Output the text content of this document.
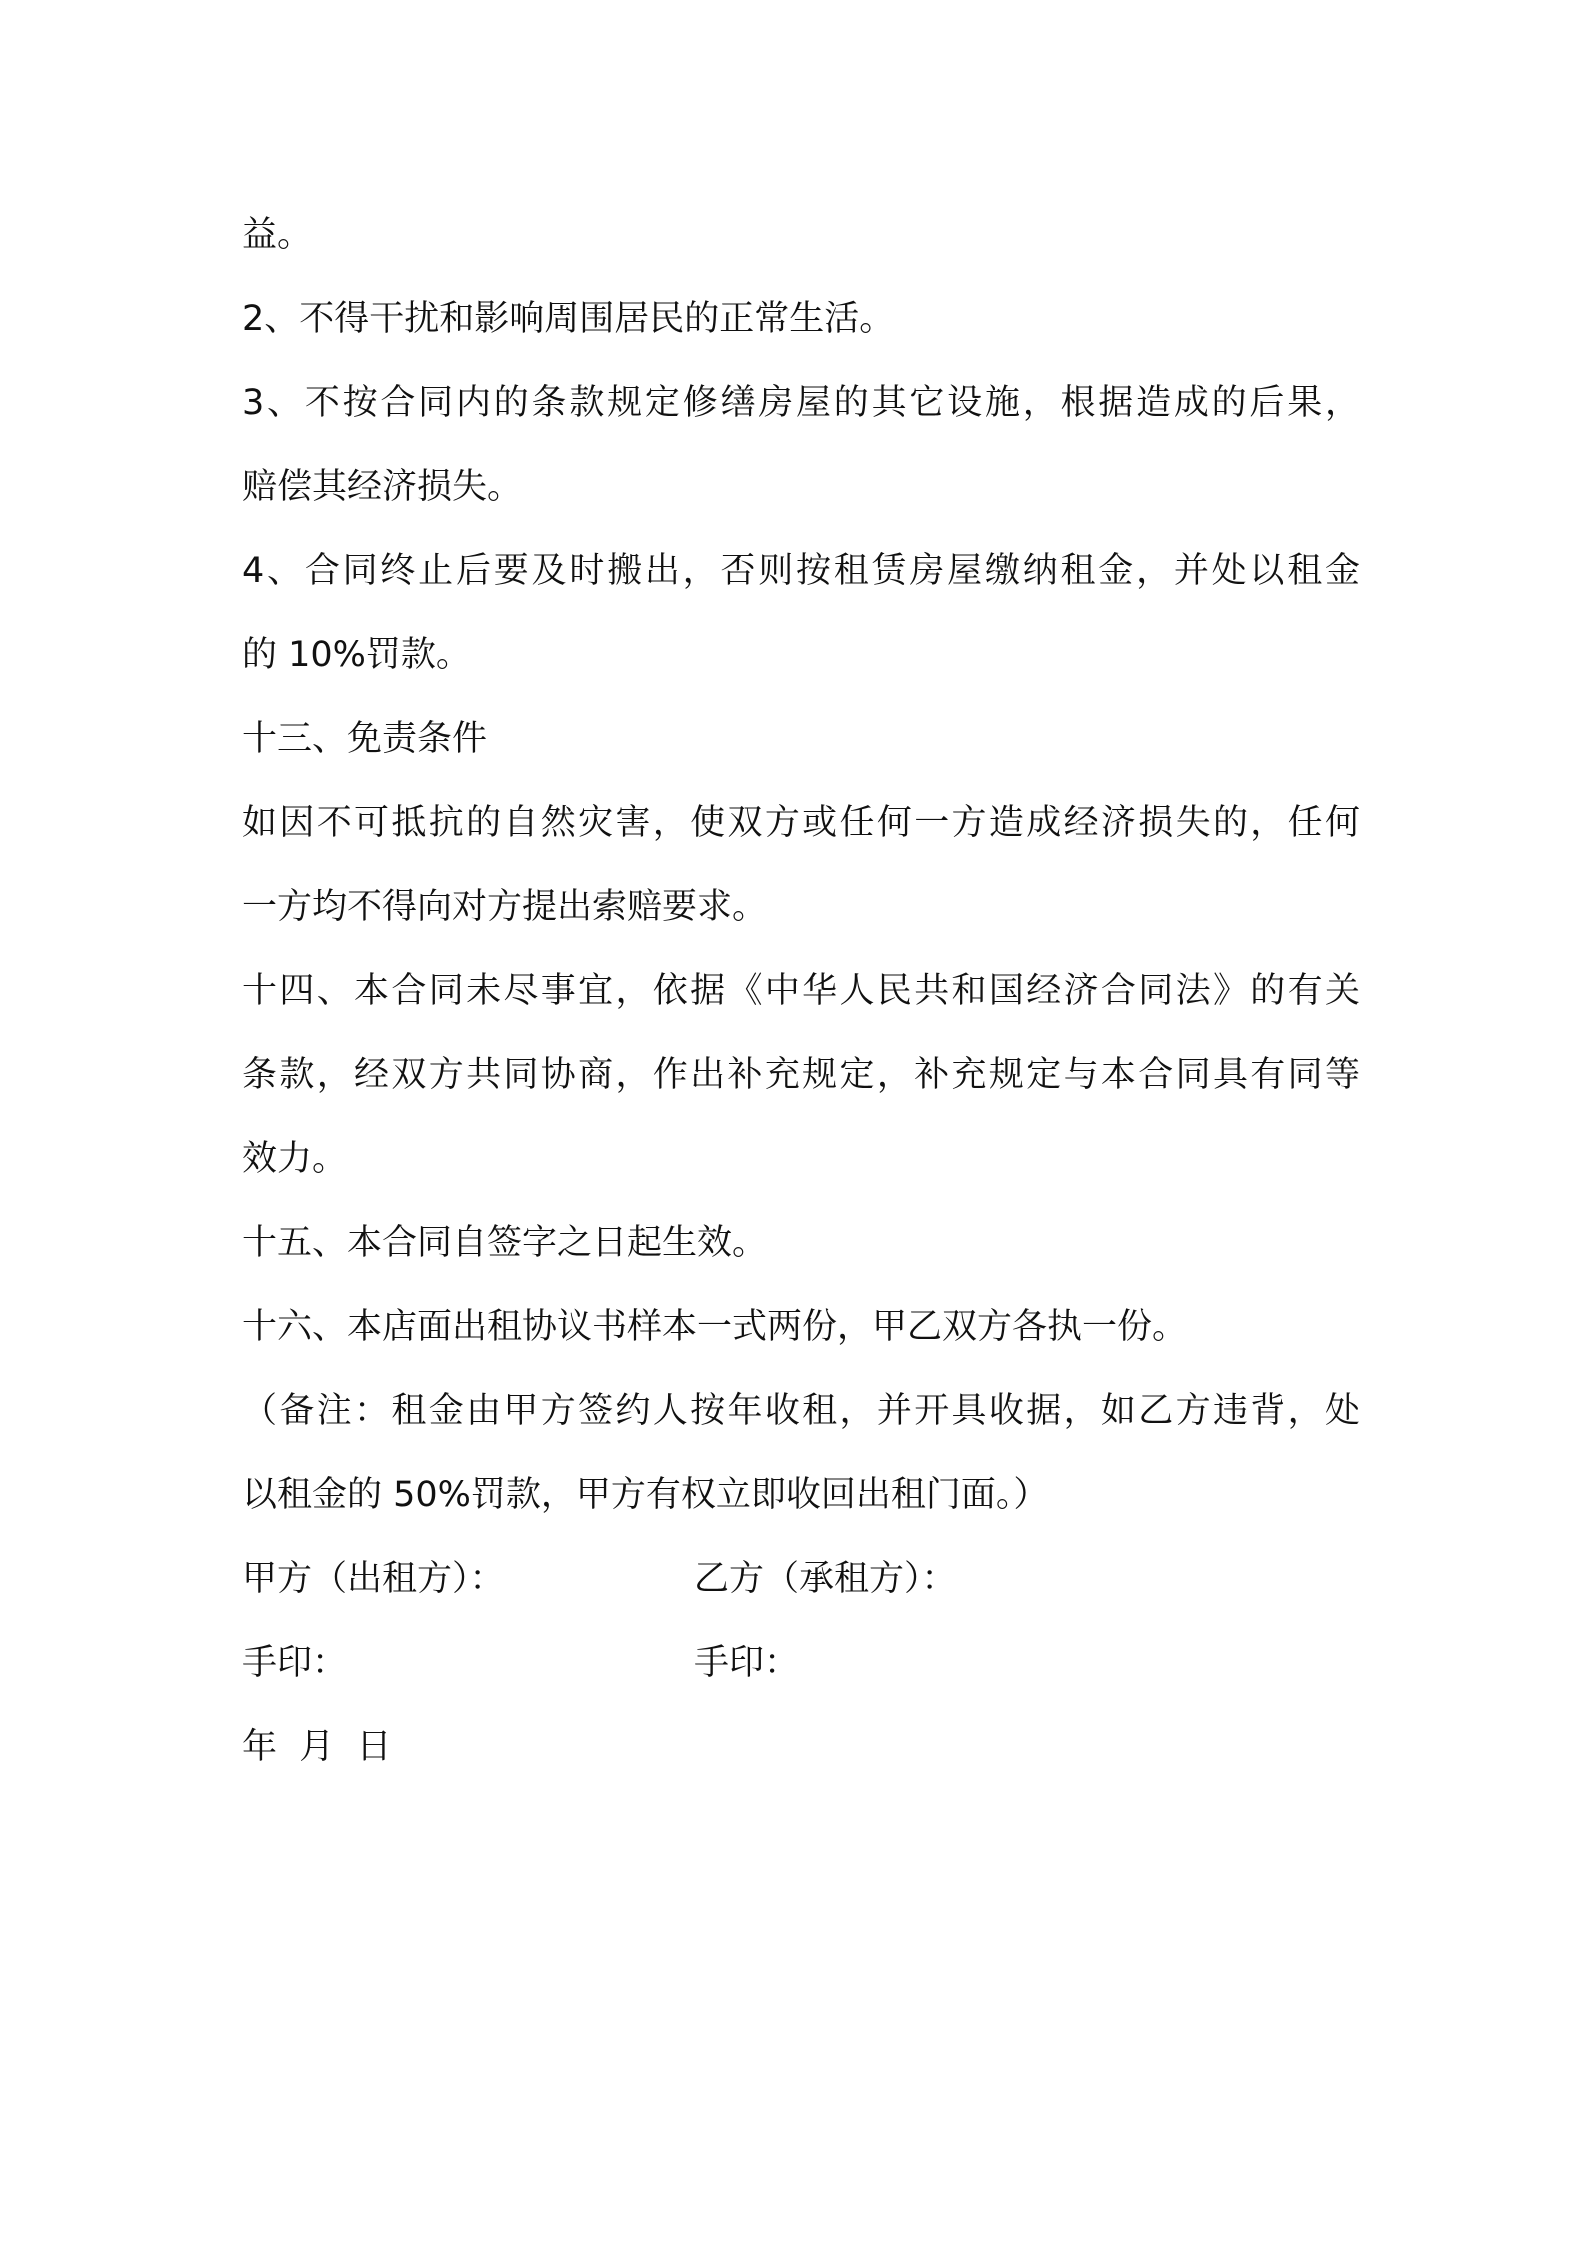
益。
2、不得干扰和影响周围居民的正常生活。
3、不按合同内的条款规定修缮房屋的其它设施，根据造成的后果，
赔偿其经济损失。
4、合同终止后要及时搬出，否则按租赁房屋缴纳租金，并处以租金
的 10%罚款。
十三、免责条件
如因不可抵抗的自然灾害，使双方或任何一方造成经济损失的，任何
一方均不得向对方提出索赔要求。
十四、本合同未尽事宜，依据《中华人民共和国经济合同法》的有关
条款，经双方共同协商，作出补充规定，补充规定与本合同具有同等
效力。
十五、本合同自签字之日起生效。
十六、本店面出租协议书样本一式两份，甲乙双方各执一份。
（备注：租金由甲方签约人按年收租，并开具收据，如乙方违背，处
以租金的 50%罚款，甲方有权立即收回出租门面。）
甲方（出租方）：	乙方（承租方）：
手印：	手印：
年  月  日
